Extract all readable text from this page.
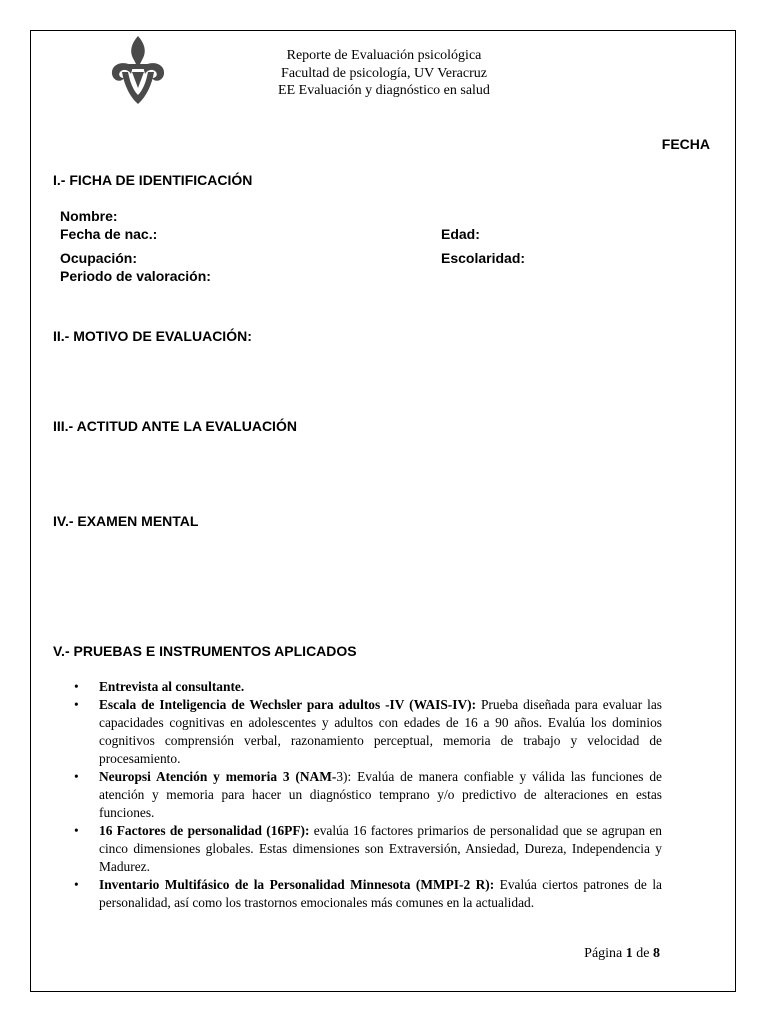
Reporte de Evaluación psicológica
Facultad de psicología, UV Veracruz
EE Evaluación y diagnóstico en salud
FECHA
I.- FICHA DE IDENTIFICACIÓN
Nombre:
Fecha de nac.:	Edad:
Ocupación:	Escolaridad:
Periodo de valoración:
II.- MOTIVO DE EVALUACIÓN:
III.- ACTITUD ANTE LA EVALUACIÓN
IV.- EXAMEN MENTAL
V.- PRUEBAS E INSTRUMENTOS APLICADOS
• Entrevista al consultante.
• Escala de Inteligencia de Wechsler para adultos -IV (WAIS-IV): Prueba diseñada para evaluar las capacidades cognitivas en adolescentes y adultos con edades de 16 a 90 años. Evalúa los dominios cognitivos comprensión verbal, razonamiento perceptual, memoria de trabajo y velocidad de procesamiento.
• Neuropsi Atención y memoria 3 (NAM-3): Evalúa de manera confiable y válida las funciones de atención y memoria para hacer un diagnóstico temprano y/o predictivo de alteraciones en estas funciones.
• 16 Factores de personalidad (16PF): evalúa 16 factores primarios de personalidad que se agrupan en cinco dimensiones globales. Estas dimensiones son Extraversión, Ansiedad, Dureza, Independencia y Madurez.
• Inventario Multifásico de la Personalidad Minnesota (MMPI-2 R): Evalúa ciertos patrones de la personalidad, así como los trastornos emocionales más comunes en la actualidad.
Página 1 de 8
